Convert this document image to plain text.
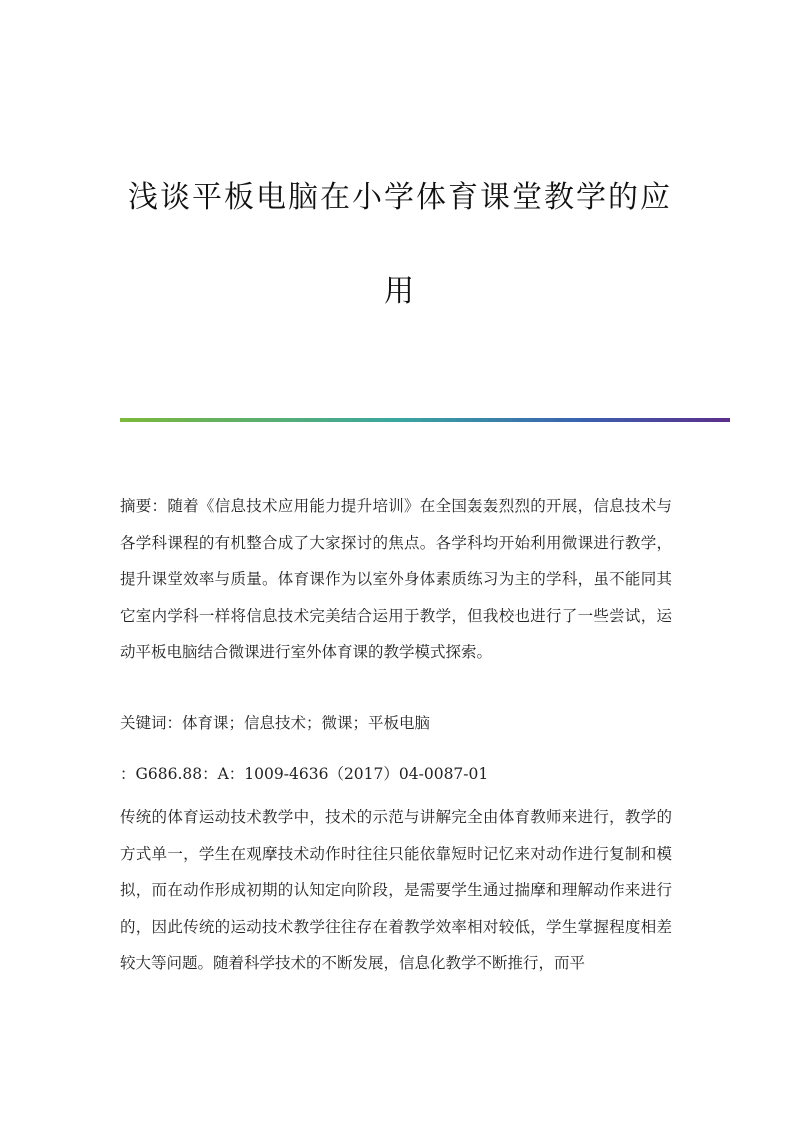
浅谈平板电脑在小学体育课堂教学的应
用

摘要：随着《信息技术应用能力提升培训》在全国轰轰烈烈的开展，信息技术与各学科课程的有机整合成了大家探讨的焦点。各学科均开始利用微课进行教学，提升课堂效率与质量。体育课作为以室外身体素质练习为主的学科，虽不能同其它室内学科一样将信息技术完美结合运用于教学，但我校也进行了一些尝试，运动平板电脑结合微课进行室外体育课的教学模式探索。

关键词：体育课；信息技术；微课；平板电脑

：G686.88：A：1009-4636（2017）04-0087-01

传统的体育运动技术教学中，技术的示范与讲解完全由体育教师来进行，教学的方式单一，学生在观摩技术动作时往往只能依靠短时记忆来对动作进行复制和模拟，而在动作形成初期的认知定向阶段，是需要学生通过揣摩和理解动作来进行的，因此传统的运动技术教学往往存在着教学效率相对较低，学生掌握程度相差较大等问题。随着科学技术的不断发展，信息化教学不断推行，而平
